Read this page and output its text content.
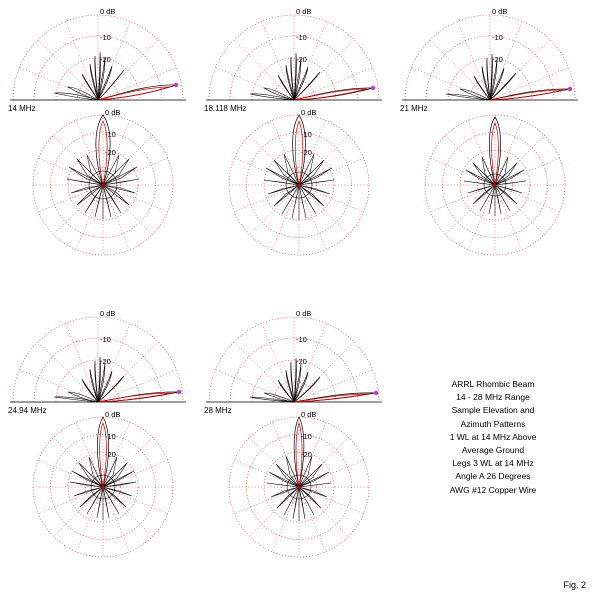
0 dB
-10
-20
14 MHz
0 dB
-10
-20
18.118 MHz
0 dB
-10
-20
21 MHz
0 dB
-10
-20
0 dB
-10
-20
0 dB
-10
-20
24.94 MHz
0 dB
-10
-20
28 MHz
0 dB
-10
-20
0 dB
-10
-20
ARRL Rhombic Beam
14 - 28 MHz Range
Sample Elevation and
Azimuth Patterns
1 WL at 14 MHz Above
Average Ground
Legs 3 WL at 14 MHz
Angle A 26 Degrees
AWG #12 Copper Wire
Fig. 2
